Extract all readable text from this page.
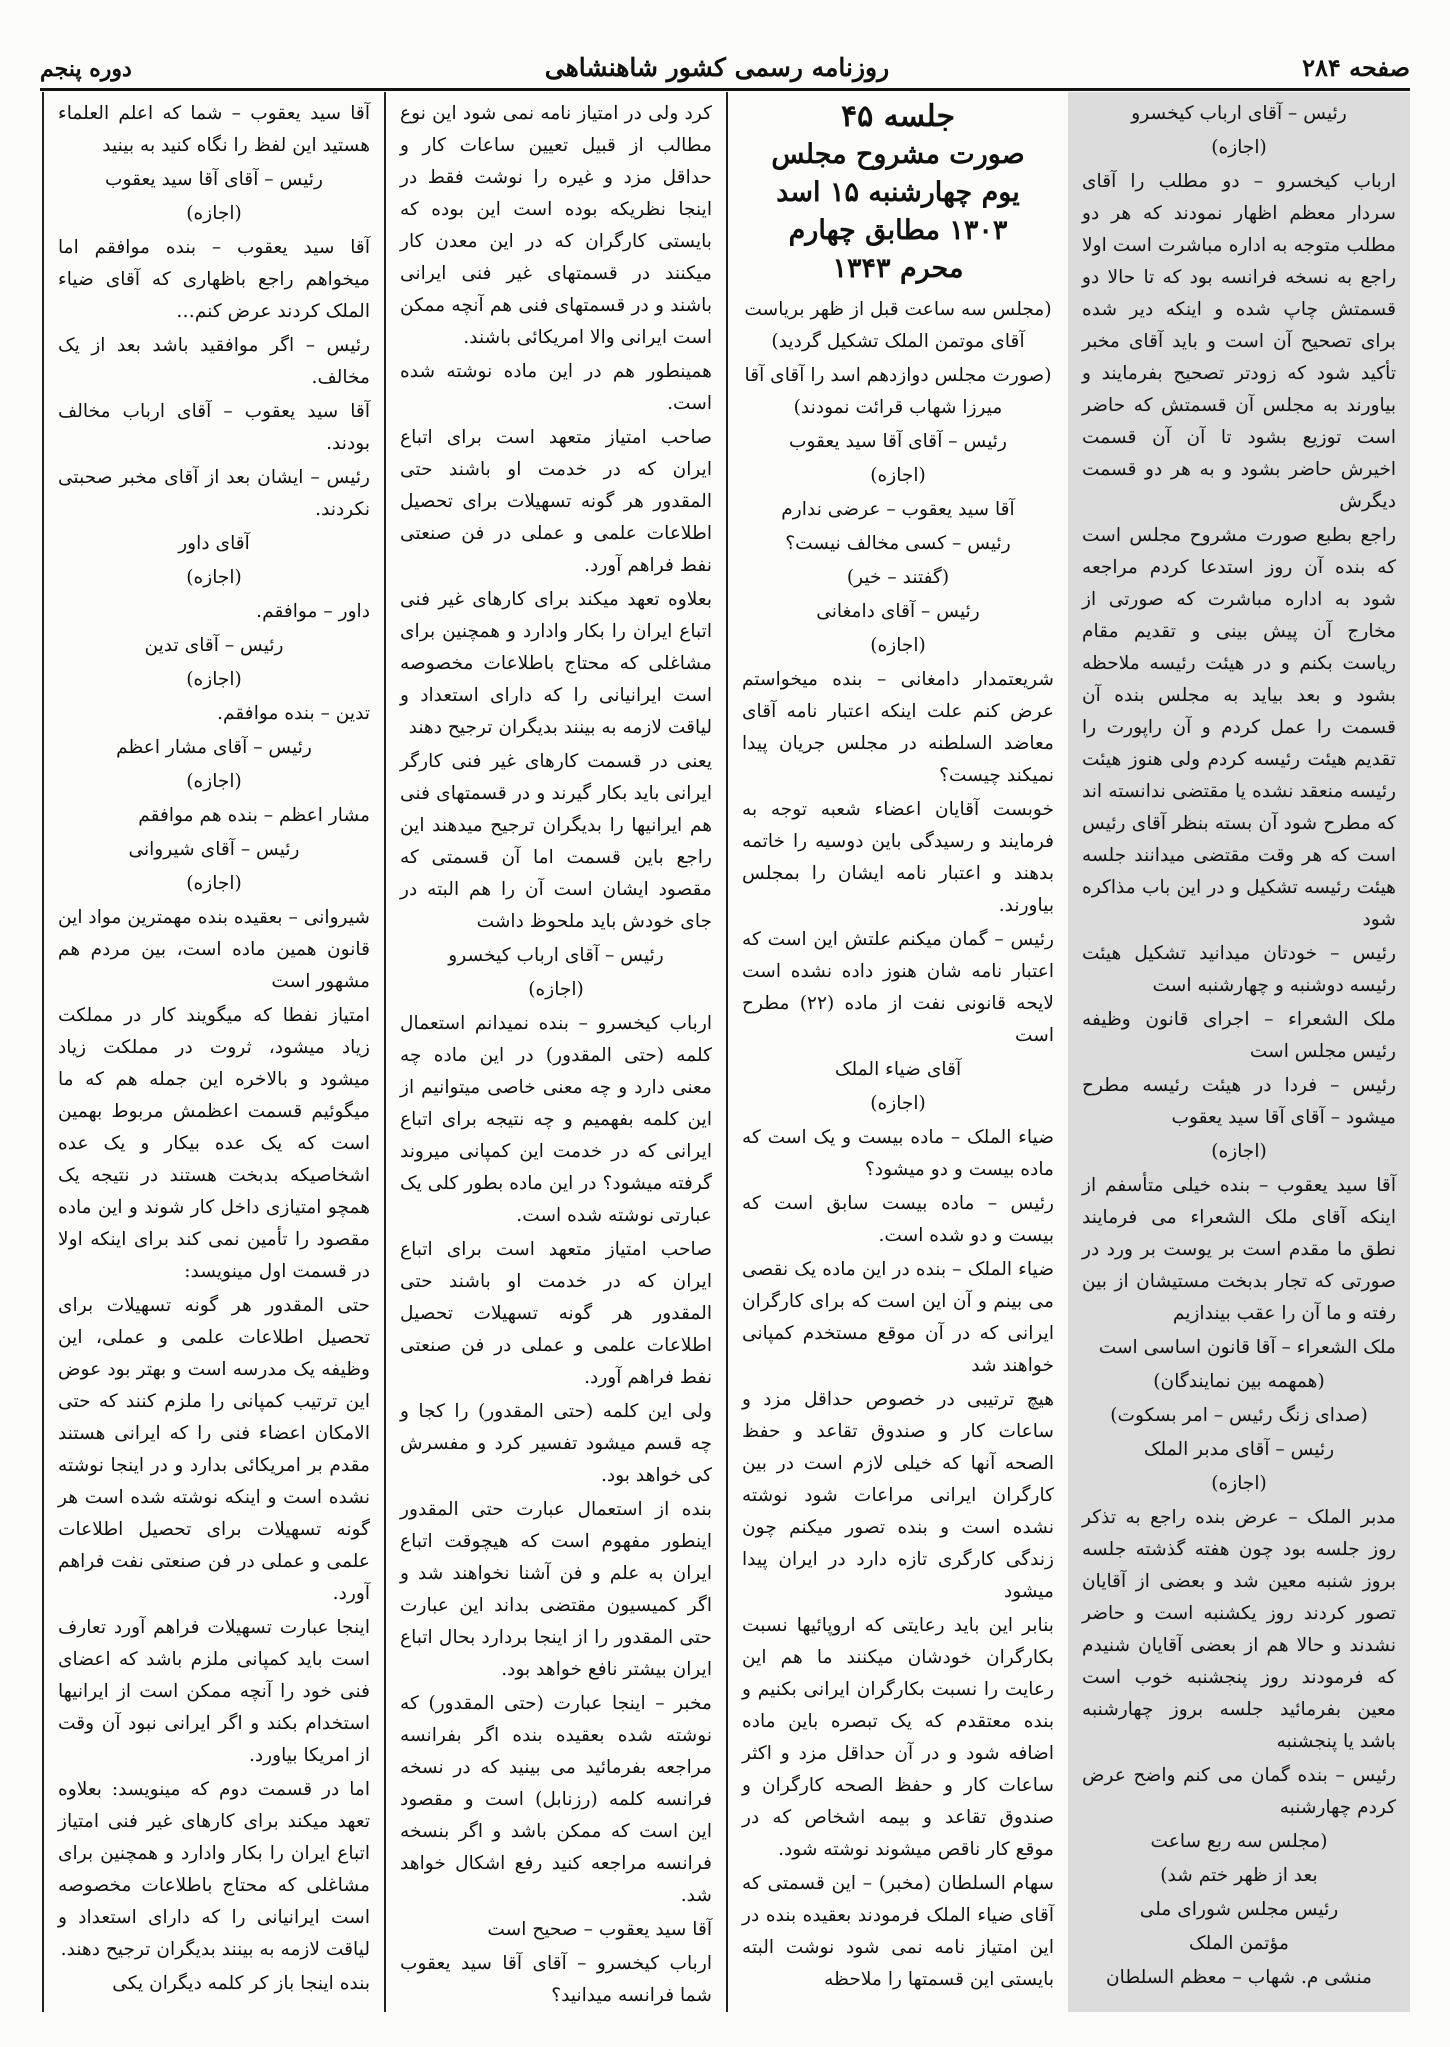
دوره پنجم	روزنامه رسمی کشور شاهنشاهی	صفحه ۲۸۴

رئیس – آقای ارباب کیخسرو

(اجازه)

ارباب کیخسرو – دو مطلب را آقای سردار معظم اظهار نمودند که هر دو مطلب متوجه به اداره مباشرت است اولا راجع به نسخه فرانسه بود که تا حالا دو قسمتش چاپ شده و اینکه دیر شده برای تصحیح آن است و باید آقای مخبر تأکید شود که زودتر تصحیح بفرمایند و بیاورند به مجلس آن قسمتش که حاضر است توزیع بشود تا آن آن قسمت اخیرش حاضر بشود و به هر دو قسمت دیگرش

راجع بطبع صورت مشروح مجلس است که بنده آن روز استدعا کردم مراجعه شود به اداره مباشرت که صورتی از مخارج آن پیش بینی و تقدیم مقام ریاست بکنم و در هیئت رئیسه ملاحظه بشود و بعد بیاید به مجلس بنده آن قسمت را عمل کردم و آن راپورت را تقدیم هیئت رئیسه کردم ولی هنوز هیئت رئیسه منعقد نشده یا مقتضی ندانسته اند که مطرح شود آن بسته بنظر آقای رئیس است که هر وقت مقتضی میدانند جلسه هیئت رئیسه تشکیل و در این باب مذاکره شود

رئیس – خودتان میدانید تشکیل هیئت رئیسه دوشنبه و چهارشنبه است

ملک الشعراء – اجرای قانون وظیفه رئیس مجلس است

رئیس – فردا در هیئت رئیسه مطرح میشود – آقای آقا سید یعقوب

(اجازه)

آقا سید یعقوب – بنده خیلی متأسفم از اینکه آقای ملک الشعراء می فرمایند نطق ما مقدم است بر یوست بر ورد در صورتی که تجار بدبخت مستیشان از بین رفته و ما آن را عقب بیندازیم

ملک الشعراء – آقا قانون اساسی است

(همهمه بین نمایندگان)

(صدای زنگ رئیس – امر بسکوت)

رئیس – آقای مدبر الملک

(اجازه)

مدبر الملک – عرض بنده راجع به تذکر روز جلسه بود چون هفته گذشته جلسه بروز شنبه معین شد و بعضی از آقایان تصور کردند روز یکشنبه است و حاضر نشدند و حالا هم از بعضی آقایان شنیدم که فرمودند روز پنجشنبه خوب است معین بفرمائید جلسه بروز چهارشنبه باشد یا پنجشنبه

رئیس – بنده گمان می کنم واضح عرض کردم چهارشنبه

(مجلس سه ربع ساعت

بعد از ظهر ختم شد)

رئیس مجلس شورای ملی

مؤتمن الملک

منشی م. شهاب – معظم السلطان

جلسه ۴۵
صورت مشروح مجلس
یوم چهارشنبه ۱۵ اسد
۱۳۰۳ مطابق چهارم
محرم ۱۳۴۳

(مجلس سه ساعت قبل از ظهر بریاست آقای موتمن الملک تشکیل گردید)

(صورت مجلس دوازدهم اسد را آقای آقا میرزا شهاب قرائت نمودند)

رئیس – آقای آقا سید یعقوب

(اجازه)

آقا سید یعقوب – عرضی ندارم

رئیس – کسی مخالف نیست؟

(گفتند – خیر)

رئیس – آقای دامغانی

(اجازه)

شریعتمدار دامغانی – بنده میخواستم عرض کنم علت اینکه اعتبار نامه آقای معاضد السلطنه در مجلس جریان پیدا نمیکند چیست؟

خوبست آقایان اعضاء شعبه توجه به فرمایند و رسیدگی باین دوسیه را خاتمه بدهند و اعتبار نامه ایشان را بمجلس بیاورند.

رئیس – گمان میکنم علتش این است که اعتبار نامه شان هنوز داده نشده است لایحه قانونی نفت از ماده (۲۲) مطرح است

آقای ضیاء الملک

(اجازه)

ضیاء الملک – ماده بیست و یک است که ماده بیست و دو میشود؟

رئیس – ماده بیست سابق است که بیست و دو شده است.

ضیاء الملک – بنده در این ماده یک نقصی می بینم و آن این است که برای کارگران ایرانی که در آن موقع مستخدم کمپانی خواهند شد

هیچ ترتیبی در خصوص حداقل مزد و ساعات کار و صندوق تقاعد و حفظ الصحه آنها که خیلی لازم است در بین کارگران ایرانی مراعات شود نوشته نشده است و بنده تصور میکنم چون زندگی کارگری تازه دارد در ایران پیدا میشود

بنابر این باید رعایتی که اروپائیها نسبت بکارگران خودشان میکنند ما هم این رعایت را نسبت بکارگران ایرانی بکنیم و بنده معتقدم که یک تبصره باین ماده اضافه شود و در آن حداقل مزد و اکثر ساعات کار و حفظ الصحه کارگران و صندوق تقاعد و بیمه اشخاص که در موقع کار ناقص میشوند نوشته شود.

سهام السلطان (مخبر) – این قسمتی که آقای ضیاء الملک فرمودند بعقیده بنده در این امتیاز نامه نمی شود نوشت البته بایستی این قسمتها را ملاحظه

کرد ولی در امتیاز نامه نمی شود این نوع مطالب از قبیل تعیین ساعات کار و حداقل مزد و غیره را نوشت فقط در اینجا نظریکه بوده است این بوده که بایستی کارگران که در این معدن کار میکنند در قسمتهای غیر فنی ایرانی باشند و در قسمتهای فنی هم آنچه ممکن است ایرانی والا امریکائی باشند.

همینطور هم در این ماده نوشته شده است.

صاحب امتیاز متعهد است برای اتباع ایران که در خدمت او باشند حتی المقدور هر گونه تسهیلات برای تحصیل اطلاعات علمی و عملی در فن صنعتی نفط فراهم آورد.

بعلاوه تعهد میکند برای کارهای غیر فنی اتباع ایران را بکار وادارد و همچنین برای مشاغلی که محتاج باطلاعات مخصوصه است ایرانیانی را که دارای استعداد و لیاقت لازمه به بینند بدیگران ترجیح دهند

یعنی در قسمت کارهای غیر فنی کارگر ایرانی باید بکار گیرند و در قسمتهای فنی هم ایرانیها را بدیگران ترجیح میدهند این راجع باین قسمت اما آن قسمتی که مقصود ایشان است آن را هم البته در جای خودش باید ملحوظ داشت

رئیس – آقای ارباب کیخسرو

(اجازه)

ارباب کیخسرو – بنده نمیدانم استعمال کلمه (حتی المقدور) در این ماده چه معنی دارد و چه معنی خاصی میتوانیم از این کلمه بفهمیم و چه نتیجه برای اتباع ایرانی که در خدمت این کمپانی میروند گرفته میشود؟ در این ماده بطور کلی یک عبارتی نوشته شده است.

صاحب امتیاز متعهد است برای اتباع ایران که در خدمت او باشند حتی المقدور هر گونه تسهیلات تحصیل اطلاعات علمی و عملی در فن صنعتی نفط فراهم آورد.

ولی این کلمه (حتی المقدور) را کجا و چه قسم میشود تفسیر کرد و مفسرش کی خواهد بود.

بنده از استعمال عبارت حتی المقدور اینطور مفهوم است که هیچوقت اتباع ایران به علم و فن آشنا نخواهند شد و اگر کمیسیون مقتضی بداند این عبارت حتی المقدور را از اینجا بردارد بحال اتباع ایران بیشتر نافع خواهد بود.

مخبر – اینجا عبارت (حتی المقدور) که نوشته شده بعقیده بنده اگر بفرانسه مراجعه بفرمائید می بینید که در نسخه فرانسه کلمه (رزنابل) است و مقصود این است که ممکن باشد و اگر بنسخه فرانسه مراجعه کنید رفع اشکال خواهد شد.

آقا سید یعقوب – صحیح است

ارباب کیخسرو – آقای آقا سید یعقوب شما فرانسه میدانید؟

آقا سید یعقوب – شما که اعلم العلماء هستید این لفظ را نگاه کنید به بینید

رئیس – آقای آقا سید یعقوب

(اجازه)

آقا سید یعقوب – بنده موافقم اما میخواهم راجع باظهاری که آقای ضیاء الملک کردند عرض کنم…

رئیس – اگر موافقید باشد بعد از یک مخالف.

آقا سید یعقوب – آقای ارباب مخالف بودند.

رئیس – ایشان بعد از آقای مخبر صحبتی نکردند.

آقای داور

(اجازه)

داور – موافقم.

رئیس – آقای تدین

(اجازه)

تدین – بنده موافقم.

رئیس – آقای مشار اعظم

(اجازه)

مشار اعظم – بنده هم موافقم

رئیس – آقای شیروانی

(اجازه)

شیروانی – بعقیده بنده مهمترین مواد این قانون همین ماده است، بین مردم هم مشهور است

امتیاز نفطا که میگویند کار در مملکت زیاد میشود، ثروت در مملکت زیاد میشود و بالاخره این جمله هم که ما میگوئیم قسمت اعظمش مربوط بهمین است که یک عده بیکار و یک عده اشخاصیکه بدبخت هستند در نتیجه یک همچو امتیازی داخل کار شوند و این ماده مقصود را تأمین نمی کند برای اینکه اولا در قسمت اول مینویسد:

حتی المقدور هر گونه تسهیلات برای تحصیل اطلاعات علمی و عملی، این وظیفه یک مدرسه است و بهتر بود عوض این ترتیب کمپانی را ملزم کنند که حتی الامکان اعضاء فنی را که ایرانی هستند مقدم بر امریکائی بدارد و در اینجا نوشته نشده است و اینکه نوشته شده است هر گونه تسهیلات برای تحصیل اطلاعات علمی و عملی در فن صنعتی نفت فراهم آورد.

اینجا عبارت تسهیلات فراهم آورد تعارف است باید کمپانی ملزم باشد که اعضای فنی خود را آنچه ممکن است از ایرانیها استخدام بکند و اگر ایرانی نبود آن وقت از امریکا بیاورد.

اما در قسمت دوم که مینویسد: بعلاوه تعهد میکند برای کارهای غیر فنی امتیاز اتباع ایران را بکار وادارد و همچنین برای مشاغلی که محتاج باطلاعات مخصوصه است ایرانیانی را که دارای استعداد و لیاقت لازمه به بینند بدیگران ترجیح دهند.

بنده اینجا باز کر کلمه دیگران یکی
